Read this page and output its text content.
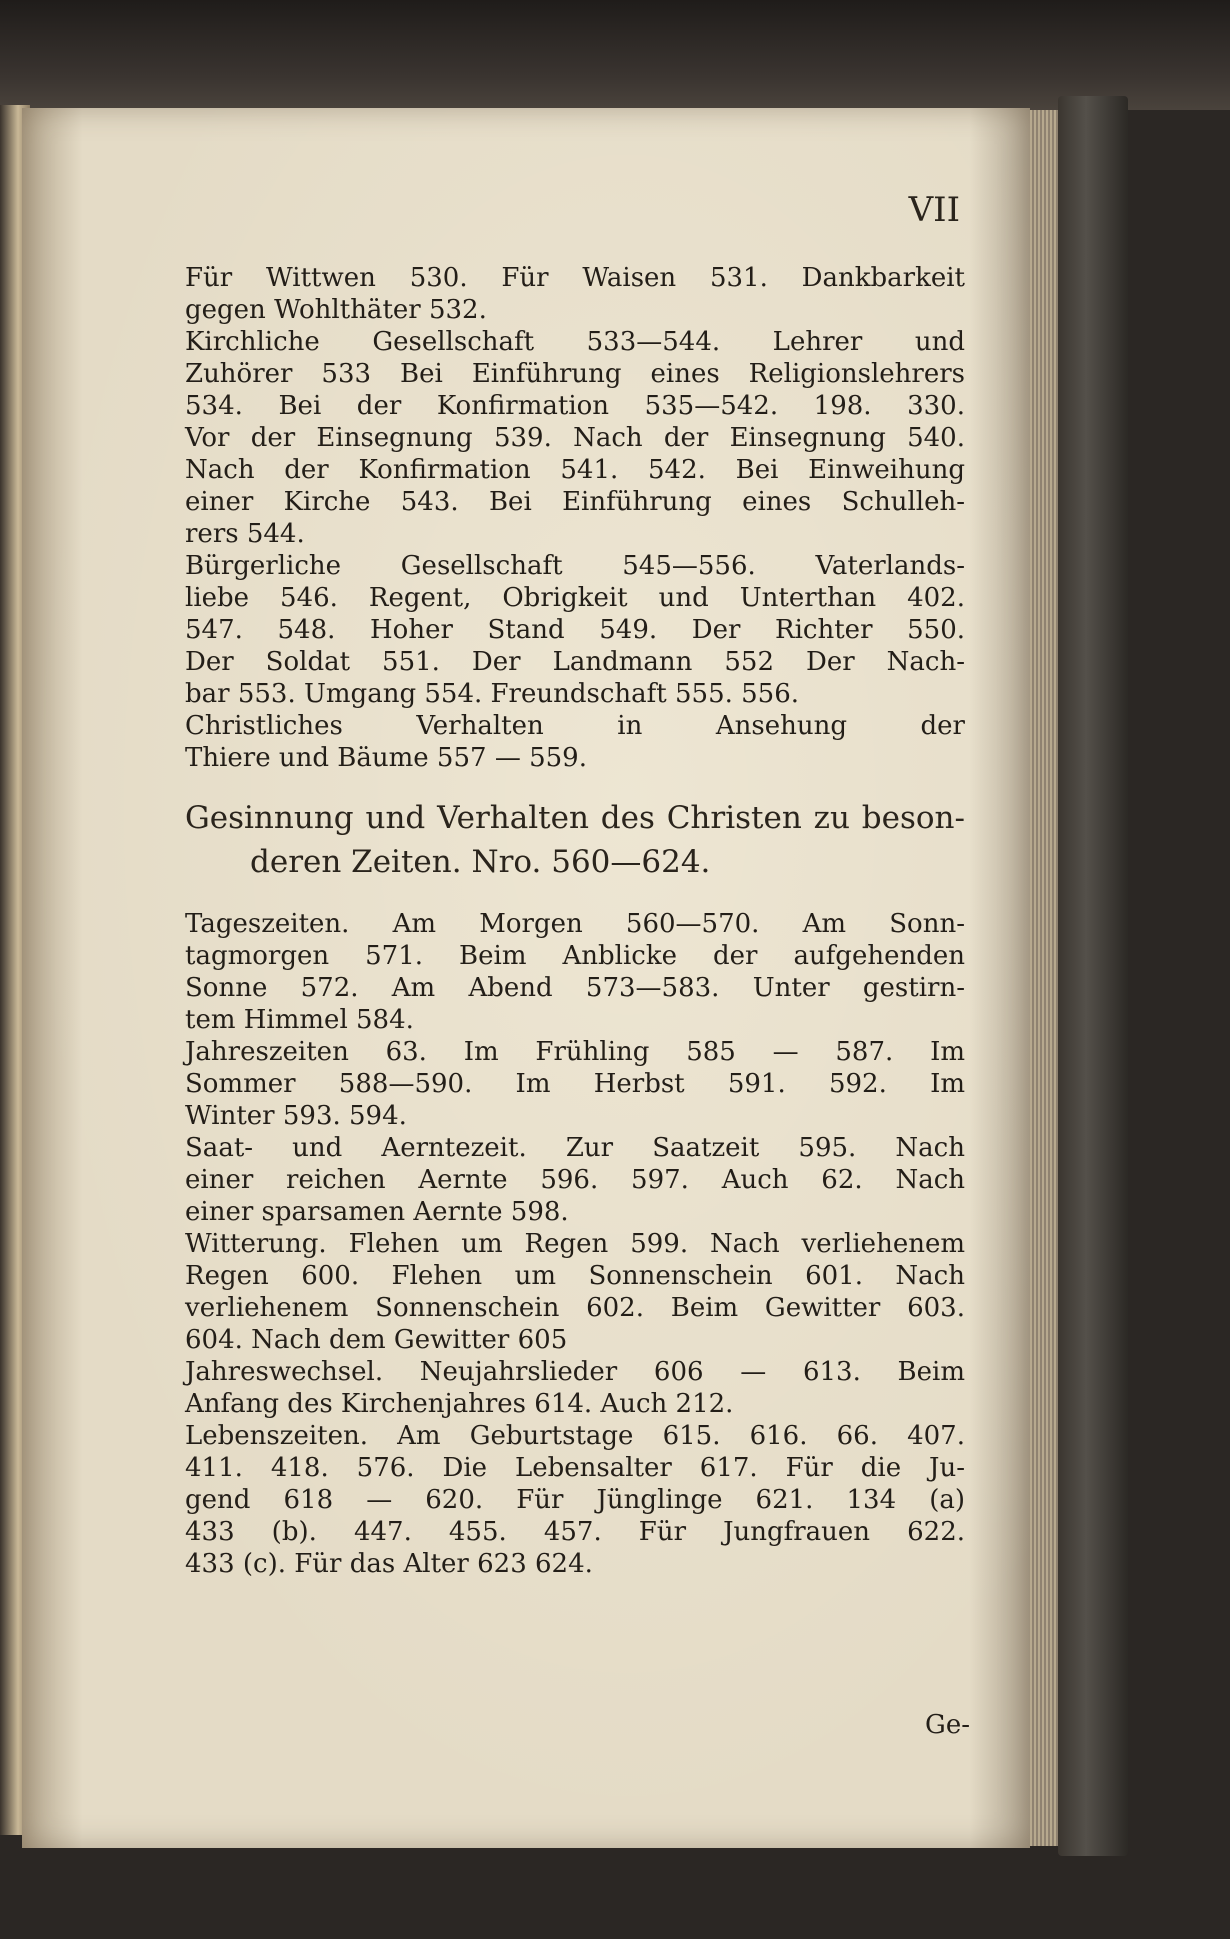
VII
Für Wittwen 530. Für Waisen 531. Dankbarkeit
gegen Wohlthäter 532.
Kirchliche Gesellschaft 533—544. Lehrer und
Zuhörer 533 Bei Einführung eines Religionslehrers
534. Bei der Konfirmation 535—542. 198. 330.
Vor der Einsegnung 539. Nach der Einsegnung 540.
Nach der Konfirmation 541. 542. Bei Einweihung
einer Kirche 543. Bei Einführung eines Schulleh-
rers 544.
Bürgerliche Gesellschaft 545—556. Vaterlands-
liebe 546. Regent, Obrigkeit und Unterthan 402.
547. 548. Hoher Stand 549. Der Richter 550.
Der Soldat 551. Der Landmann 552 Der Nach-
bar 553. Umgang 554. Freundschaft 555. 556.
Christliches Verhalten in Ansehung der
Thiere und Bäume 557 — 559.
Gesinnung und Verhalten des Christen zu beson-
deren Zeiten. Nro. 560—624.
Tageszeiten. Am Morgen 560—570. Am Sonn-
tagmorgen 571. Beim Anblicke der aufgehenden
Sonne 572. Am Abend 573—583. Unter gestirn-
tem Himmel 584.
Jahreszeiten 63. Im Frühling 585 — 587. Im
Sommer 588—590. Im Herbst 591. 592. Im
Winter 593. 594.
Saat- und Aerntezeit. Zur Saatzeit 595. Nach
einer reichen Aernte 596. 597. Auch 62. Nach
einer sparsamen Aernte 598.
Witterung. Flehen um Regen 599. Nach verliehenem
Regen 600. Flehen um Sonnenschein 601. Nach
verliehenem Sonnenschein 602. Beim Gewitter 603.
604. Nach dem Gewitter 605
Jahreswechsel. Neujahrslieder 606 — 613. Beim
Anfang des Kirchenjahres 614. Auch 212.
Lebenszeiten. Am Geburtstage 615. 616. 66. 407.
411. 418. 576. Die Lebensalter 617. Für die Ju-
gend 618 — 620. Für Jünglinge 621. 134 (a)
433 (b). 447. 455. 457. Für Jungfrauen 622.
433 (c). Für das Alter 623 624.
Ge-
